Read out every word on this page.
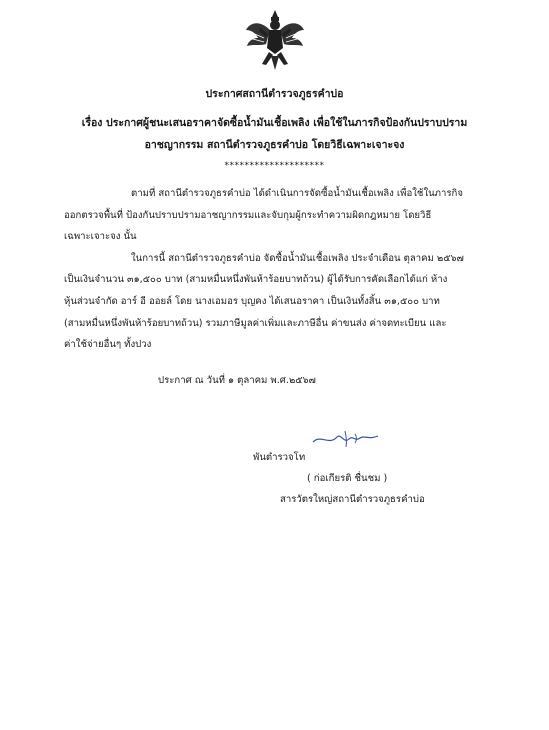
ประกาศสถานีตำรวจภูธรคำบ่อ
เรื่อง ประกาศผู้ชนะเสนอราคาจัดซื้อน้ำมันเชื้อเพลิง เพื่อใช้ในภารกิจป้องกันปราบปราม
อาชญากรรม สถานีตำรวจภูธรคำบ่อ โดยวิธีเฉพาะเจาะจง
********************
ตามที่ สถานีตำรวจภูธรคำบ่อ ได้ดำเนินการจัดซื้อน้ำมันเชื้อเพลิง เพื่อใช้ในภารกิจ
ออกตรวจพื้นที่ ป้องกันปราบปรามอาชญากรรมและจับกุมผู้กระทำความผิดกฎหมาย โดยวิธี
เฉพาะเจาะจง นั้น
ในการนี้ สถานีตำรวจภูธรคำบ่อ จัดซื้อน้ำมันเชื้อเพลิง ประจำเดือน ตุลาคม ๒๕๖๗
เป็นเงินจำนวน ๓๑,๕๐๐ บาท (สามหมื่นหนึ่งพันห้าร้อยบาทถ้วน) ผู้ได้รับการคัดเลือกได้แก่ ห้าง
หุ้นส่วนจำกัด อาร์ อี ออยล์ โดย นางเอมอร บุญคง ได้เสนอราคา เป็นเงินทั้งสิ้น ๓๑,๕๐๐ บาท
(สามหมื่นหนึ่งพันห้าร้อยบาทถ้วน) รวมภาษีมูลค่าเพิ่มและภาษีอื่น ค่าขนส่ง ค่าจดทะเบียน และ
ค่าใช้จ่ายอื่นๆ ทั้งปวง
ประกาศ ณ วันที่ ๑ ตุลาคม พ.ศ.๒๕๖๗
พันตำรวจโท
( ก่อเกียรติ ชื่นชม )
สารวัตรใหญ่สถานีตำรวจภูธรคำบ่อ
